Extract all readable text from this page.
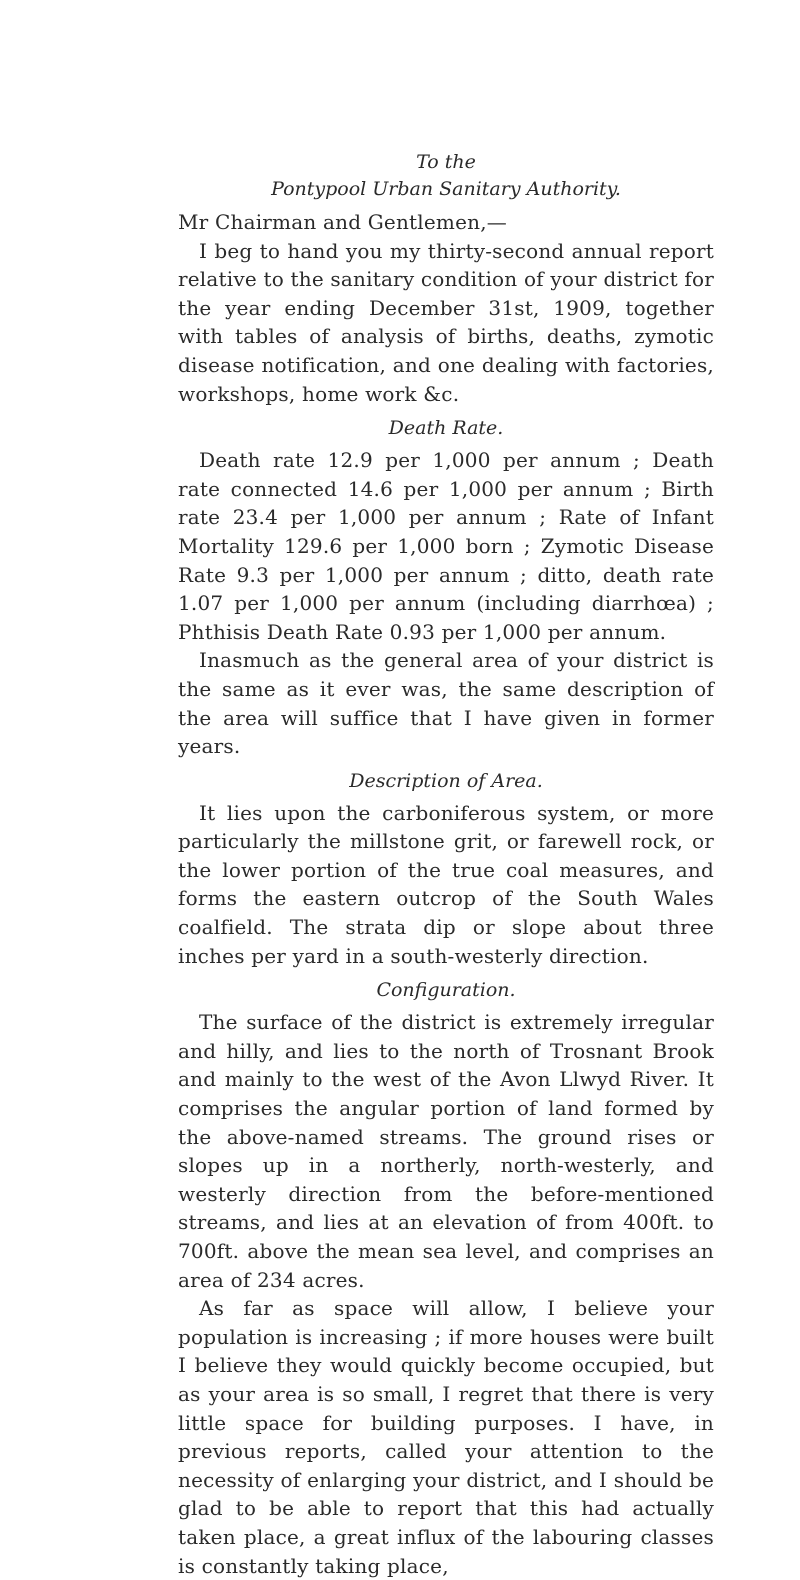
To the
Pontypool Urban Sanitary Authority.

Mr Chairman and Gentlemen,—

I beg to hand you my thirty-second annual report relative to the sanitary condition of your district for the year ending December 31st, 1909, together with tables of analysis of births, deaths, zymotic disease notification, and one dealing with factories, workshops, home work &c.

Death Rate.

Death rate 12.9 per 1,000 per annum ; Death rate connected 14.6 per 1,000 per annum ; Birth rate 23.4 per 1,000 per annum ; Rate of Infant Mortality 129.6 per 1,000 born ; Zymotic Disease Rate 9.3 per 1,000 per annum ; ditto, death rate 1.07 per 1,000 per annum (including diarrhœa) ; Phthisis Death Rate 0.93 per 1,000 per annum.

Inasmuch as the general area of your district is the same as it ever was, the same description of the area will suffice that I have given in former years.

Description of Area.

It lies upon the carboniferous system, or more particularly the millstone grit, or farewell rock, or the lower portion of the true coal measures, and forms the eastern outcrop of the South Wales coalfield. The strata dip or slope about three inches per yard in a south-westerly direction.

Configuration.

The surface of the district is extremely irregular and hilly, and lies to the north of Trosnant Brook and mainly to the west of the Avon Llwyd River. It comprises the angular portion of land formed by the above-named streams. The ground rises or slopes up in a northerly, north-westerly, and westerly direction from the before-mentioned streams, and lies at an elevation of from 400ft. to 700ft. above the mean sea level, and comprises an area of 234 acres.

As far as space will allow, I believe your population is increasing ; if more houses were built I believe they would quickly become occupied, but as your area is so small, I regret that there is very little space for building purposes. I have, in previous reports, called your attention to the necessity of enlarging your district, and I should be glad to be able to report that this had actually taken place, a great influx of the labouring classes is constantly taking place,
